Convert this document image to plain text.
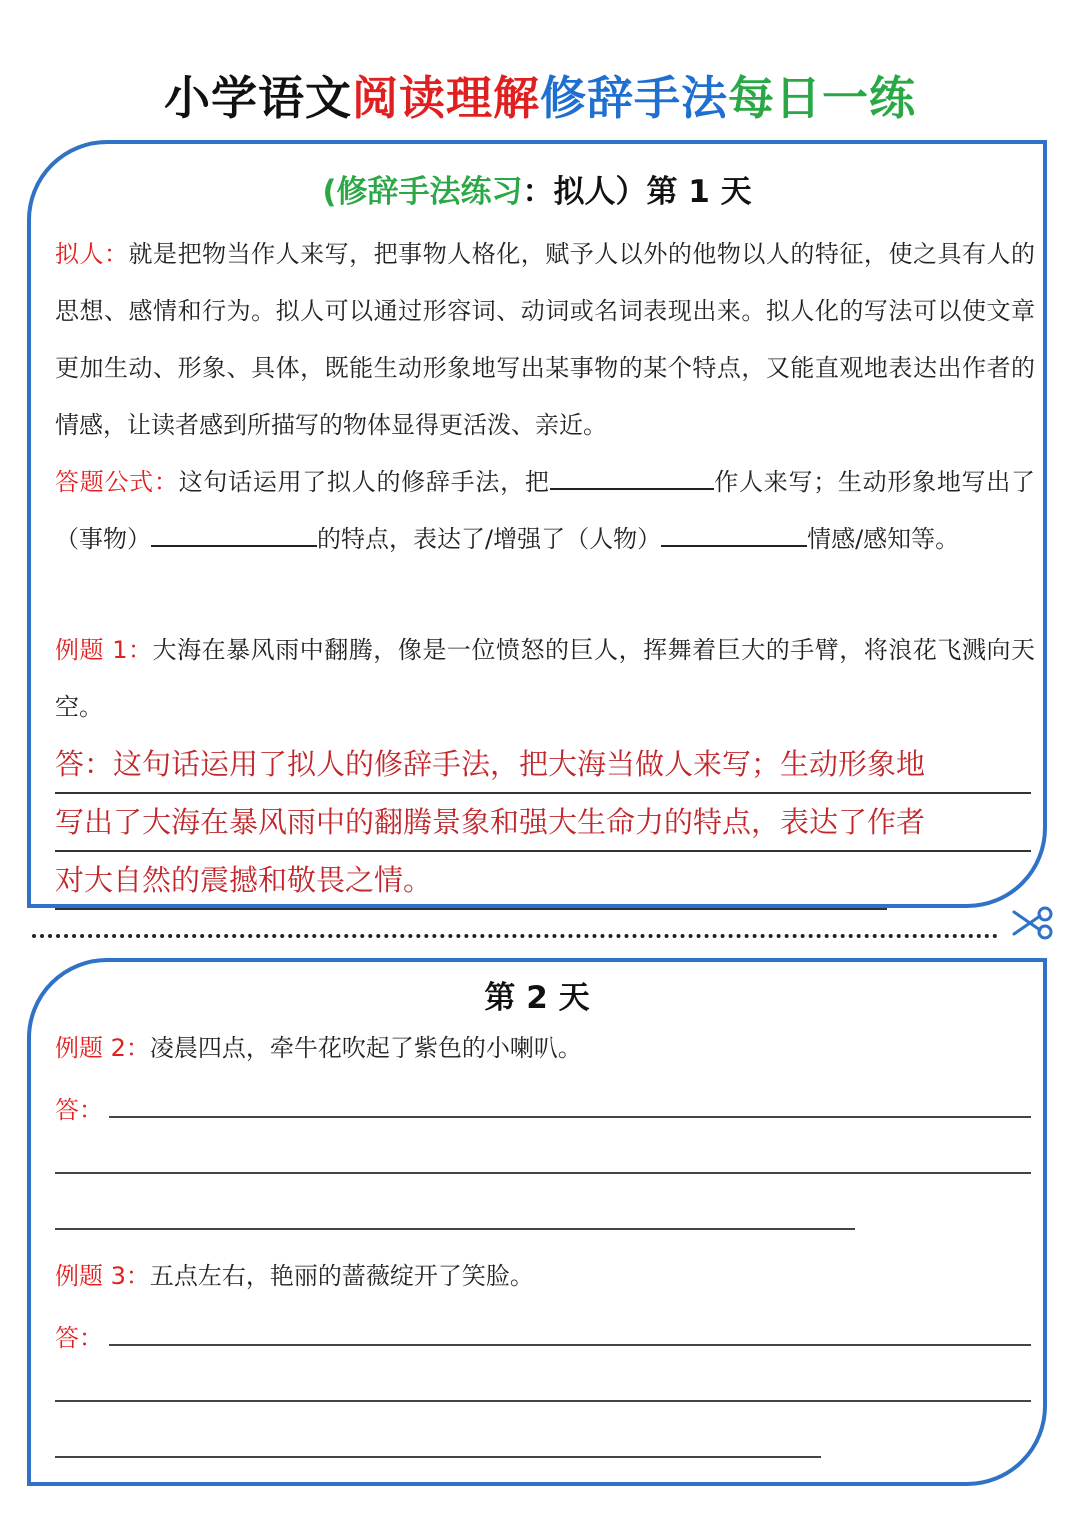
小学语文阅读理解修辞手法每日一练
(修辞手法练习：拟人）第 1 天
拟人：就是把物当作人来写，把事物人格化，赋予人以外的他物以人的特征，使之具有人的思想、感情和行为。拟人可以通过形容词、动词或名词表现出来。拟人化的写法可以使文章更加生动、形象、具体，既能生动形象地写出某事物的某个特点，又能直观地表达出作者的情感，让读者感到所描写的物体显得更活泼、亲近。
答题公式：这句话运用了拟人的修辞手法，把	作人来写；生动形象地写出了（事物）	的特点，表达了/增强了（人物）	情感/感知等。
例题 1：大海在暴风雨中翻腾，像是一位愤怒的巨人，挥舞着巨大的手臂，将浪花飞溅向天空。
答：这句话运用了拟人的修辞手法，把大海当做人来写；生动形象地
写出了大海在暴风雨中的翻腾景象和强大生命力的特点，表达了作者
对大自然的震撼和敬畏之情。
第 2 天
例题 2：凌晨四点，牵牛花吹起了紫色的小喇叭。
答：
例题 3：五点左右，艳丽的蔷薇绽开了笑脸。
答：
